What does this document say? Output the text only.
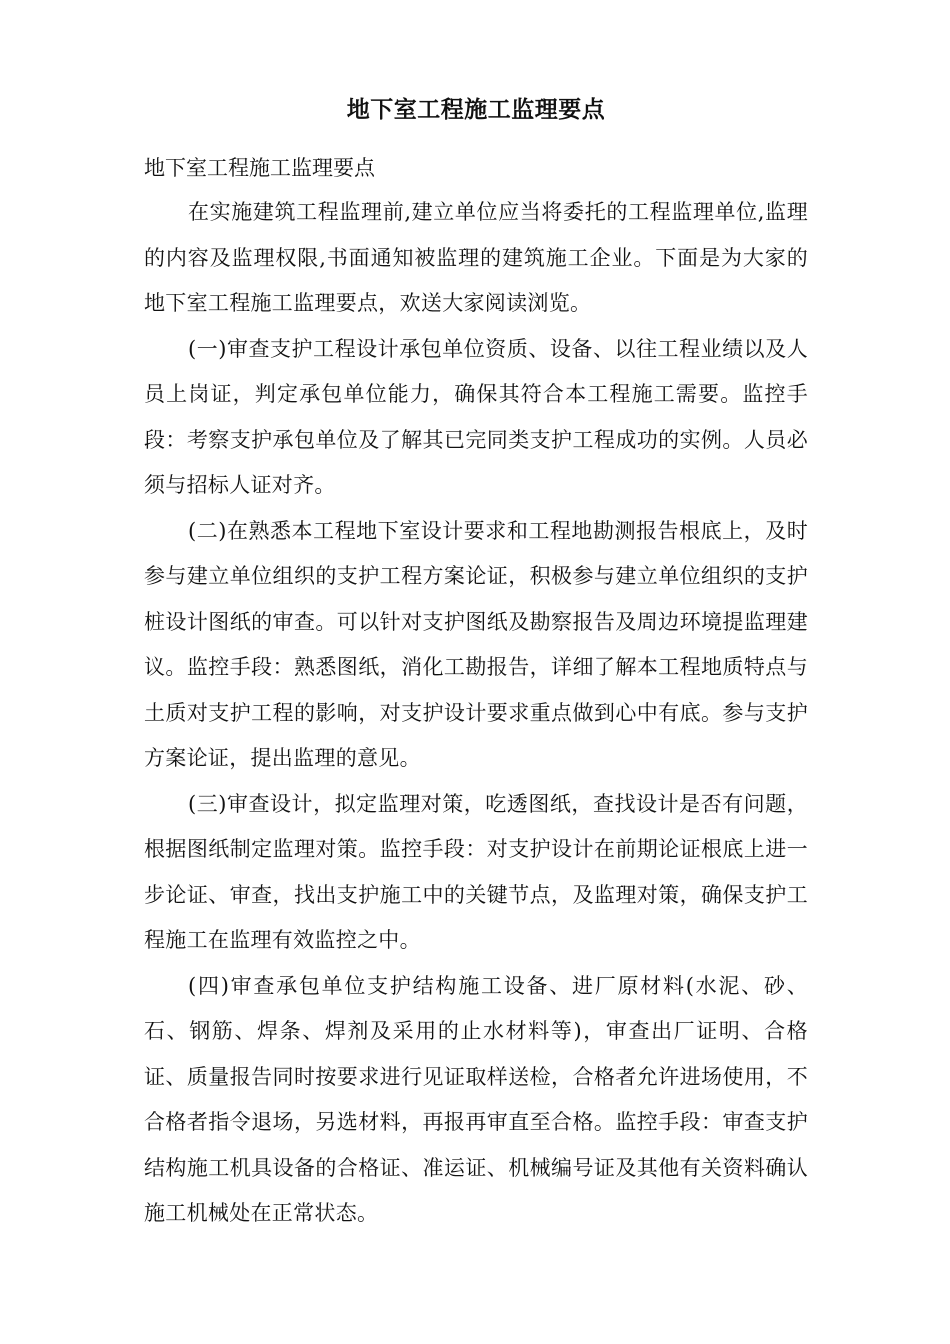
地下室工程施工监理要点

地下室工程施工监理要点

在实施建筑工程监理前,建立单位应当将委托的工程监理单位,监理的内容及监理权限,书面通知被监理的建筑施工企业。下面是为大家的地下室工程施工监理要点，欢送大家阅读浏览。

(一)审查支护工程设计承包单位资质、设备、以往工程业绩以及人员上岗证，判定承包单位能力，确保其符合本工程施工需要。监控手段：考察支护承包单位及了解其已完同类支护工程成功的实例。人员必须与招标人证对齐。

(二)在熟悉本工程地下室设计要求和工程地勘测报告根底上，及时参与建立单位组织的支护工程方案论证，积极参与建立单位组织的支护桩设计图纸的审查。可以针对支护图纸及勘察报告及周边环境提监理建议。监控手段：熟悉图纸，消化工勘报告，详细了解本工程地质特点与土质对支护工程的影响，对支护设计要求重点做到心中有底。参与支护方案论证，提出监理的意见。

(三)审查设计，拟定监理对策，吃透图纸，查找设计是否有问题，根据图纸制定监理对策。监控手段：对支护设计在前期论证根底上进一步论证、审查，找出支护施工中的关键节点，及监理对策，确保支护工程施工在监理有效监控之中。

(四)审查承包单位支护结构施工设备、进厂原材料(水泥、砂、石、钢筋、焊条、焊剂及采用的止水材料等)，审查出厂证明、合格证、质量报告同时按要求进行见证取样送检，合格者允许进场使用，不合格者指令退场，另选材料，再报再审直至合格。监控手段：审查支护结构施工机具设备的合格证、准运证、机械编号证及其他有关资料确认施工机械处在正常状态。
